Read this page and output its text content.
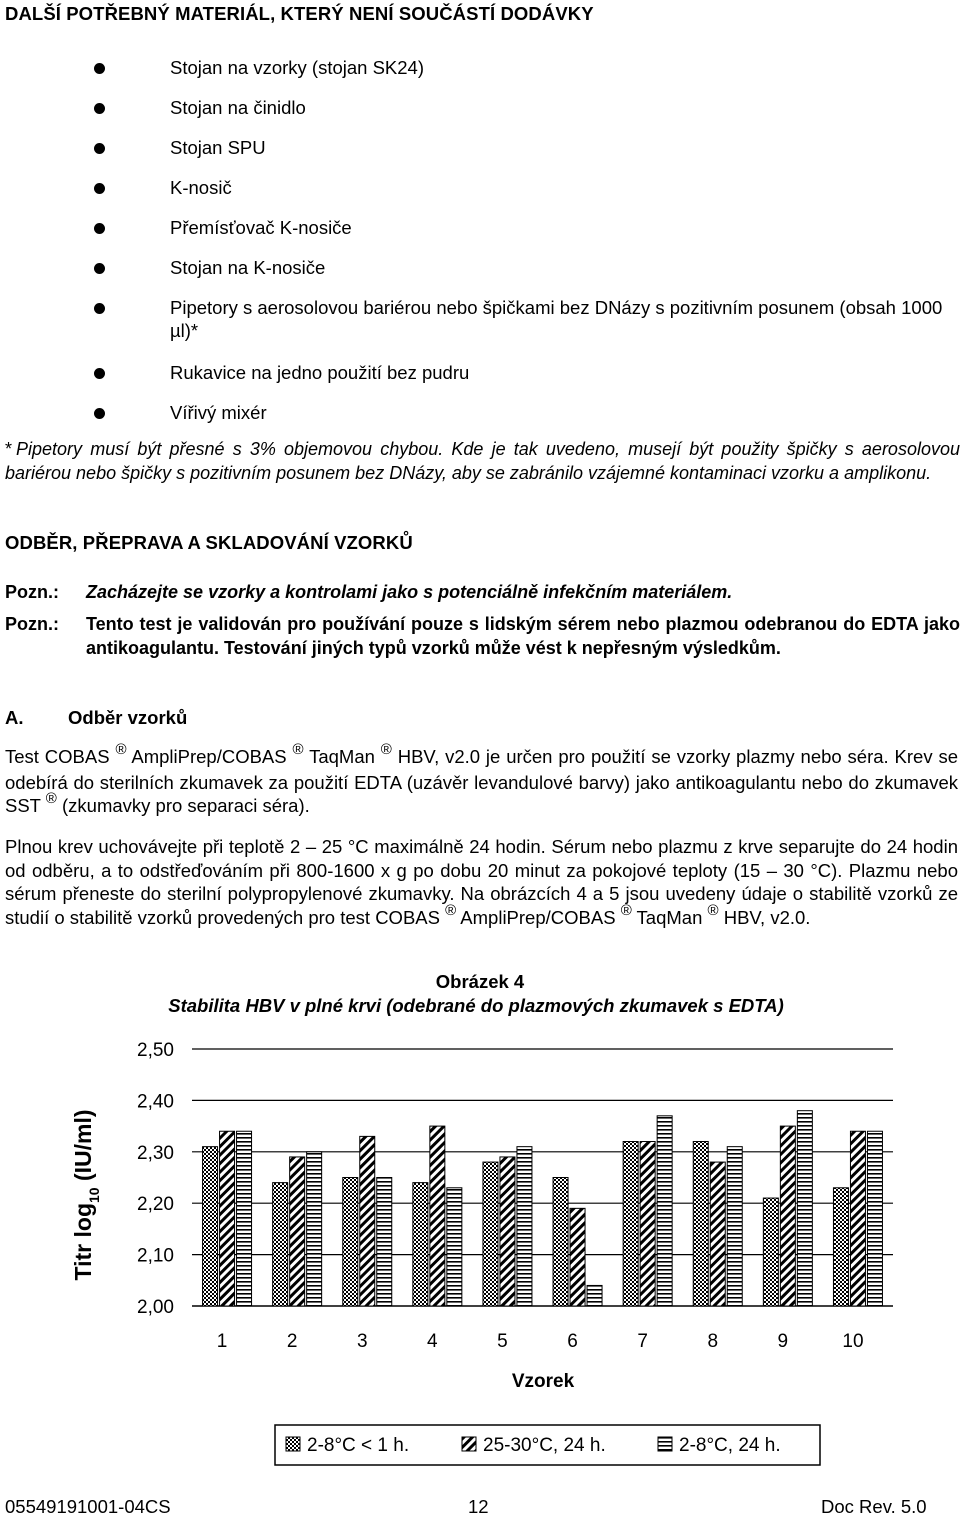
DALŠÍ POTŘEBNÝ MATERIÁL, KTERÝ NENÍ SOUČÁSTÍ DODÁVKY
Stojan na vzorky (stojan SK24)
Stojan na činidlo
Stojan SPU
K-nosič
Přemísťovač K-nosiče
Stojan na K-nosiče
Pipetory s aerosolovou bariérou nebo špičkami bez DNázy s pozitivním posunem (obsah 1000 µl)*
Rukavice na jedno použití bez pudru
Vířivý mixér

* Pipetory musí být přesné s 3% objemovou chybou. Kde je tak uvedeno, musejí být použity špičky s aerosolovou bariérou nebo špičky s pozitivním posunem bez DNázy, aby se zabránilo vzájemné kontaminaci vzorku a amplikonu.

ODBĚR, PŘEPRAVA A SKLADOVÁNÍ VZORKŮ
Pozn.: Zacházejte se vzorky a kontrolami jako s potenciálně infekčním materiálem.
Pozn.: Tento test je validován pro používání pouze s lidským sérem nebo plazmou odebranou do EDTA jako antikoagulantu. Testování jiných typů vzorků může vést k nepřesným výsledkům.
A. Odběr vzorků

Test COBAS ® AmpliPrep/COBAS ® TaqMan ® HBV, v2.0 je určen pro použití se vzorky plazmy nebo séra. Krev se odebírá do sterilních zkumavek za použití EDTA (uzávěr levandulové barvy) jako antikoagulantu nebo do zkumavek SST ® (zkumavky pro separaci séra).

Plnou krev uchovávejte při teplotě 2 – 25 °C maximálně 24 hodin. Sérum nebo plazmu z krve separujte do 24 hodin od odběru, a to odstřeďováním při 800-1600 x g po dobu 20 minut za pokojové teploty (15 – 30 °C). Plazmu nebo sérum přeneste do sterilní polypropylenové zkumavky. Na obrázcích 4 a 5 jsou uvedeny údaje o stabilitě vzorků ze studií o stabilitě vzorků provedených pro test COBAS ® AmpliPrep/COBAS ® TaqMan ® HBV, v2.0.

Obrázek 4
Stabilita HBV v plné krvi (odebrané do plazmových zkumavek s EDTA)
2,00
2,10
2,20
2,30
2,40
2,50
1	2	3	4	5	6	7	8	9	10
Vzorek
Titr $\log_{10} (IU/ml)$
2-8°C < 1 h.	25-30°C, 24 h.	2-8°C, 24 h.
05549191001-04CS	12	Doc Rev. 5.0
